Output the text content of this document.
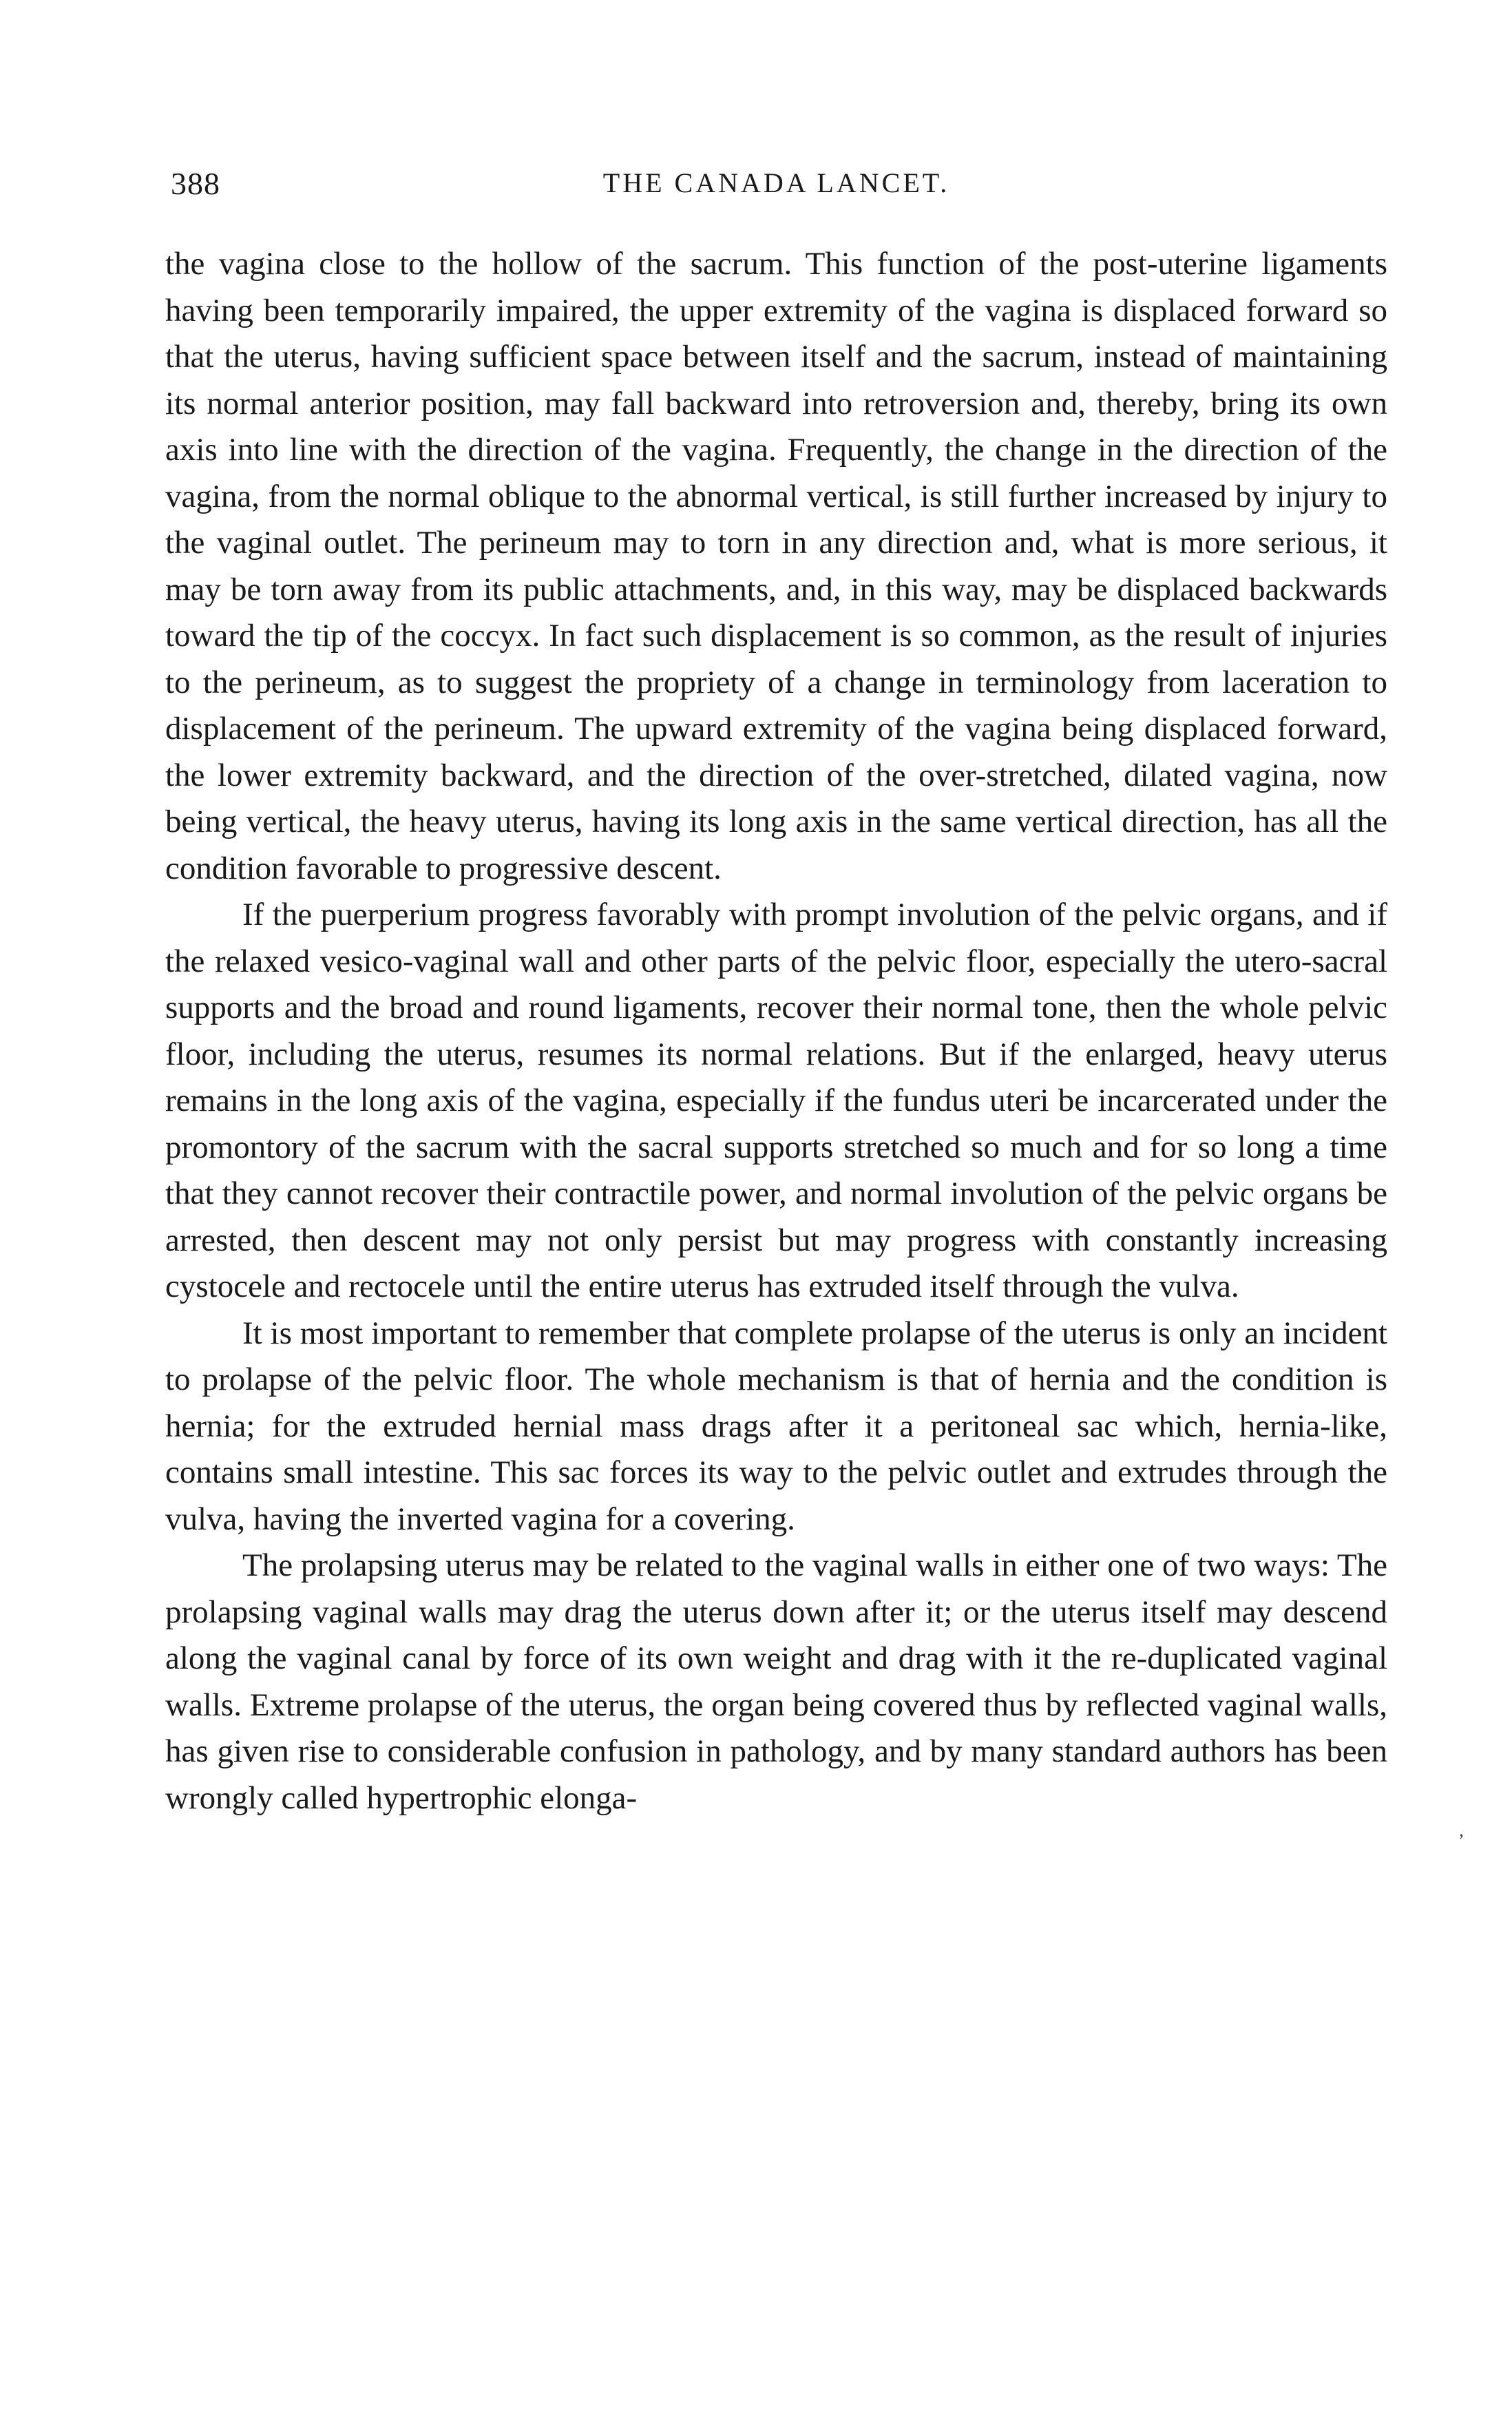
388	THE CANADA LANCET.

the vagina close to the hollow of the sacrum. This function of the post-uterine ligaments having been temporarily impaired, the upper extremity of the vagina is displaced forward so that the uterus, having sufficient space between itself and the sacrum, instead of maintaining its normal anterior position, may fall backward into retroversion and, thereby, bring its own axis into line with the direction of the vagina. Frequently, the change in the direction of the vagina, from the normal oblique to the abnormal vertical, is still further increased by injury to the vaginal outlet. The perineum may to torn in any direction and, what is more serious, it may be torn away from its public attachments, and, in this way, may be displaced backwards toward the tip of the coccyx. In fact such displacement is so common, as the result of injuries to the perineum, as to suggest the propriety of a change in terminology from laceration to displacement of the perineum. The upward extremity of the vagina being displaced forward, the lower extremity backward, and the direction of the over-stretched, dilated vagina, now being vertical, the heavy uterus, having its long axis in the same vertical direction, has all the condition favorable to progressive descent.

If the puerperium progress favorably with prompt involution of the pelvic organs, and if the relaxed vesico-vaginal wall and other parts of the pelvic floor, especially the utero-sacral supports and the broad and round ligaments, recover their normal tone, then the whole pelvic floor, including the uterus, resumes its normal relations. But if the enlarged, heavy uterus remains in the long axis of the vagina, especially if the fundus uteri be incarcerated under the promontory of the sacrum with the sacral supports stretched so much and for so long a time that they cannot recover their contractile power, and normal involution of the pelvic organs be arrested, then descent may not only persist but may progress with constantly increasing cystocele and rectocele until the entire uterus has extruded itself through the vulva.

It is most important to remember that complete prolapse of the uterus is only an incident to prolapse of the pelvic floor. The whole mechanism is that of hernia and the condition is hernia; for the extruded hernial mass drags after it a peritoneal sac which, hernia-like, contains small intestine. This sac forces its way to the pelvic outlet and extrudes through the vulva, having the inverted vagina for a covering.

The prolapsing uterus may be related to the vaginal walls in either one of two ways: The prolapsing vaginal walls may drag the uterus down after it; or the uterus itself may descend along the vaginal canal by force of its own weight and drag with it the re-duplicated vaginal walls. Extreme prolapse of the uterus, the organ being covered thus by reflected vaginal walls, has given rise to considerable confusion in pathology, and by many standard authors has been wrongly called hypertrophic elonga-

’
